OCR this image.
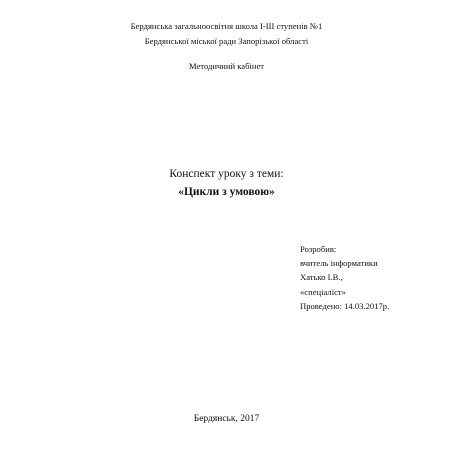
Бердянська загальноосвітня школа І-ІІІ ступенів №1
Бердянської міської ради Запорізької області
Методичний кабінет
Конспект уроку з теми:
«Цикли з умовою»
Розробив:
вчитель інформатики
Хатько І.В.,
«спеціаліст»
Проведено: 14.03.2017р.
Бердянськ, 2017
